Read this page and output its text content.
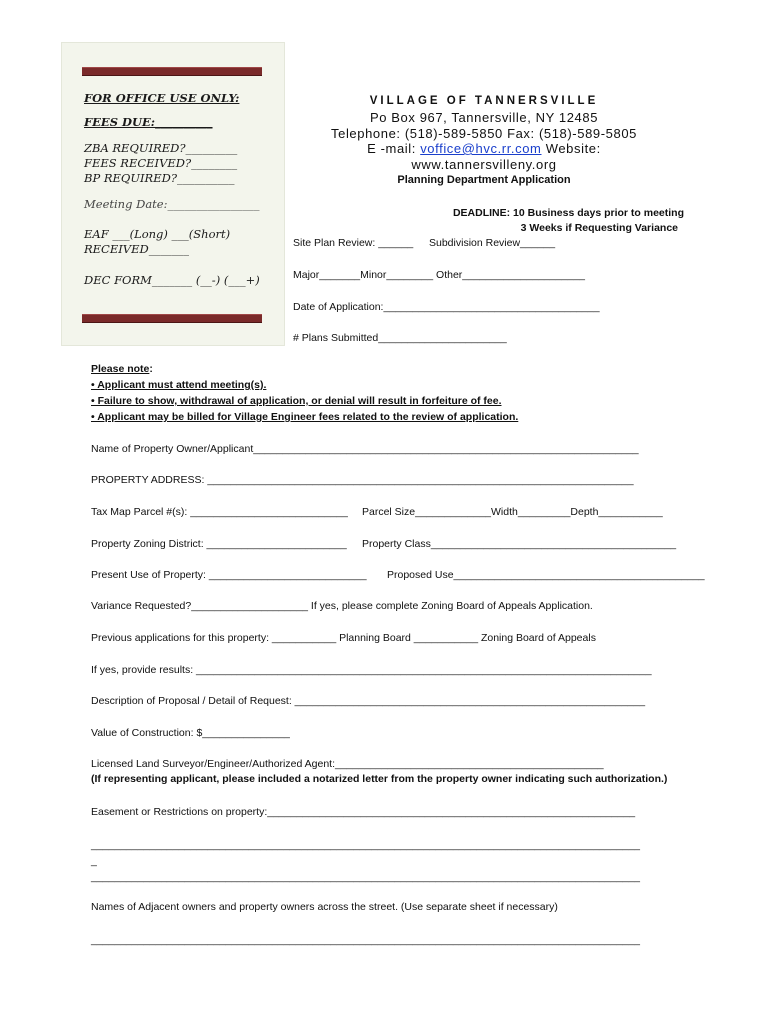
FOR OFFICE USE ONLY:
FEES DUE:__________
ZBA REQUIRED?_________
FEES RECEIVED?________
BP REQUIRED?__________
Meeting Date:________________
EAF ___(Long) ___(Short)
RECEIVED_______
DEC FORM_______ (__-) (___+)
VILLAGE OF TANNERSVILLE
Po Box 967, Tannersville, NY 12485
Telephone: (518)-589-5850 Fax: (518)-589-5805
E -mail: voffice@hvc.rr.com Website:
www.tannersvilleny.org
Planning Department Application
DEADLINE: 10 Business days prior to meeting
3 Weeks if Requesting Variance
Site Plan Review: ______ Subdivision Review______
Major_______Minor________ Other_____________________
Date of Application:_____________________________________
# Plans Submitted______________________
Please note:
• Applicant must attend meeting(s).
• Failure to show, withdrawal of application, or denial will result in forfeiture of fee.
• Applicant may be billed for Village Engineer fees related to the review of application.
Name of Property Owner/Applicant__________________________________________________________________
PROPERTY ADDRESS: _________________________________________________________________________
Tax Map Parcel #(s): ___________________________ Parcel Size_____________Width_________Depth___________
Property Zoning District: ________________________ Property Class__________________________________________
Present Use of Property: ___________________________ Proposed Use___________________________________________
Variance Requested?____________________ If yes, please complete Zoning Board of Appeals Application.
Previous applications for this property: ___________ Planning Board ___________ Zoning Board of Appeals
If yes, provide results: ______________________________________________________________________________
Description of Proposal / Detail of Request: ____________________________________________________________
Value of Construction: $_______________
Licensed Land Surveyor/Engineer/Authorized Agent:______________________________________________
(If representing applicant, please included a notarized letter from the property owner indicating such authorization.)
Easement or Restrictions on property:_______________________________________________________________
______________________________________________________________________________________________
_
______________________________________________________________________________________________
Names of Adjacent owners and property owners across the street. (Use separate sheet if necessary)
______________________________________________________________________________________________
